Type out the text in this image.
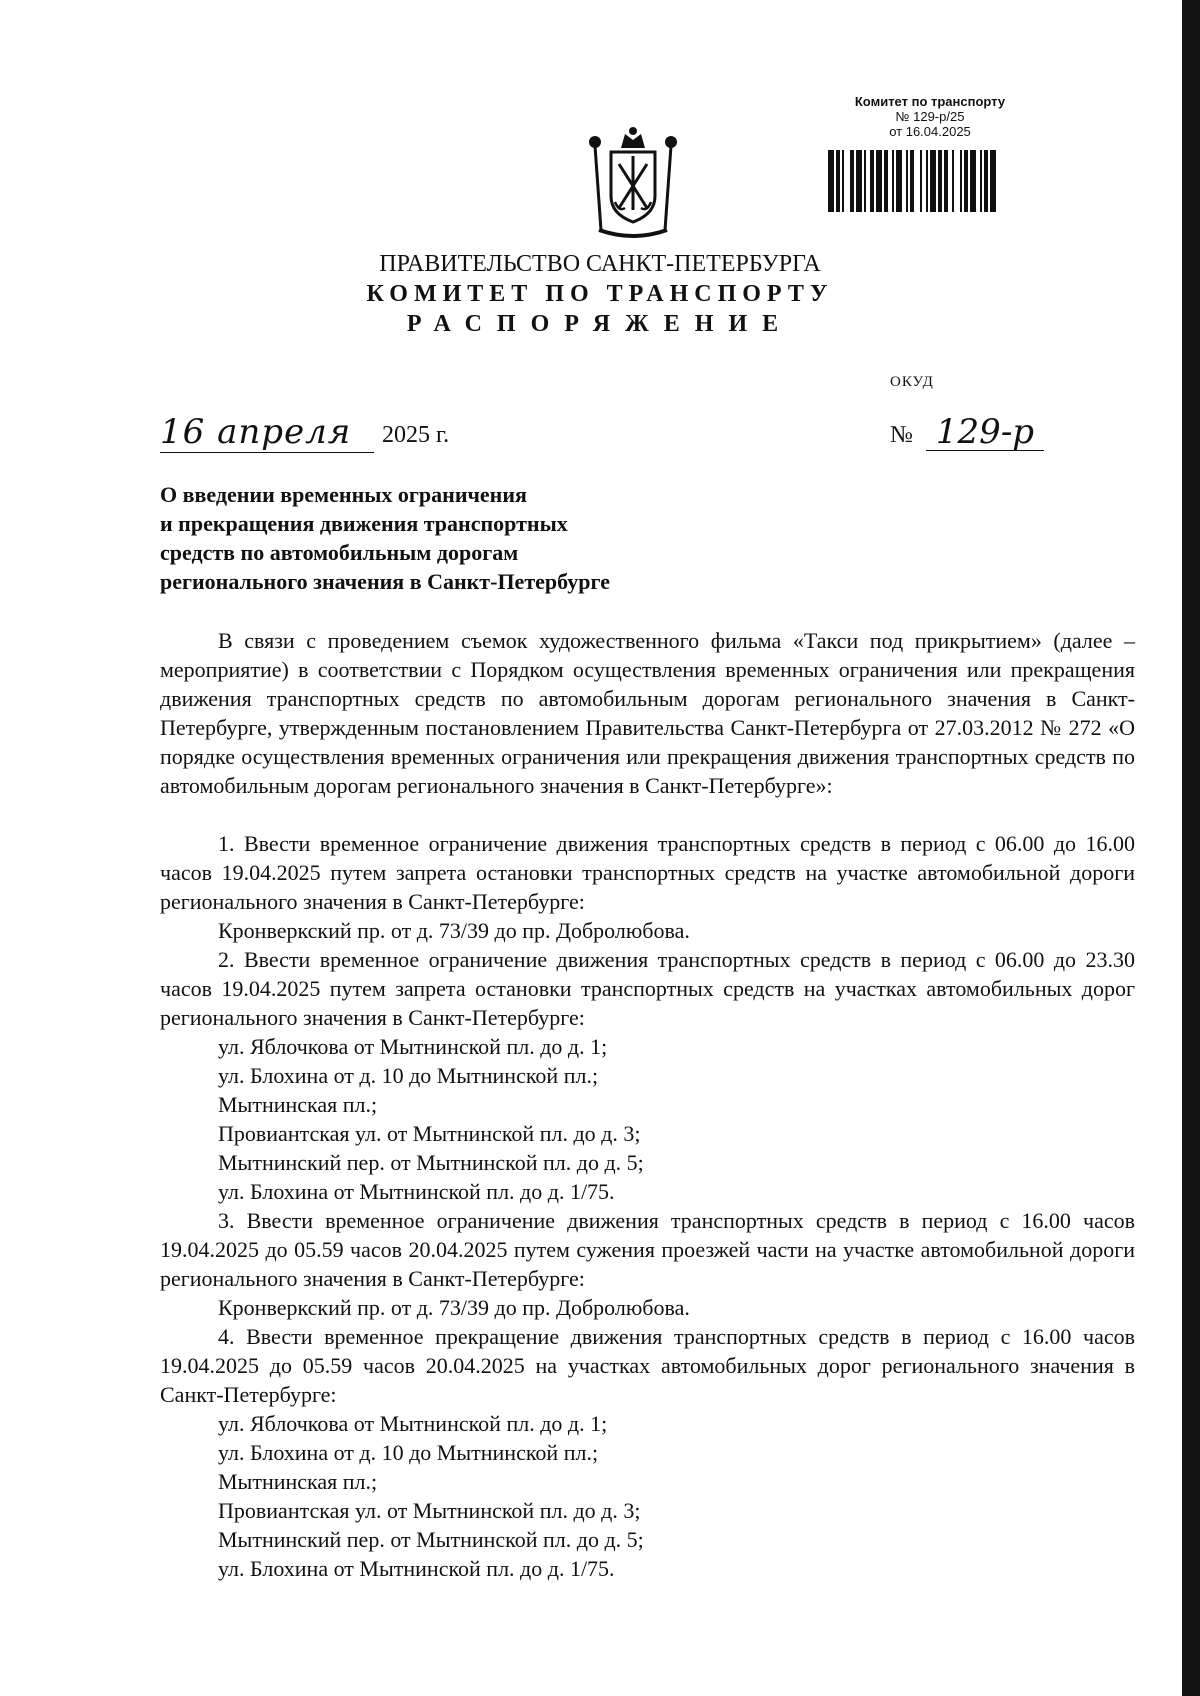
Комитет по транспорту
№ 129-р/25
от 16.04.2025
ПРАВИТЕЛЬСТВО САНКТ-ПЕТЕРБУРГА
КОМИТЕТ ПО ТРАНСПОРТУ
РАСПОРЯЖЕНИЕ
ОКУД
16 апреля	2025 г.	№ 129-р
О введении временных ограничения
и прекращения движения транспортных
средств по автомобильным дорогам
регионального значения в Санкт-Петербурге

В связи с проведением съемок художественного фильма «Такси под прикрытием» (далее – мероприятие) в соответствии с Порядком осуществления временных ограничения или прекращения движения транспортных средств по автомобильным дорогам регионального значения в Санкт-Петербурге, утвержденным постановлением Правительства Санкт-Петербурга от 27.03.2012 № 272 «О порядке осуществления временных ограничения или прекращения движения транспортных средств по автомобильным дорогам регионального значения в Санкт-Петербурге»:

1. Ввести временное ограничение движения транспортных средств в период с 06.00 до 16.00 часов 19.04.2025 путем запрета остановки транспортных средств на участке автомобильной дороги регионального значения в Санкт-Петербурге:

Кронверкский пр. от д. 73/39 до пр. Добролюбова.

2. Ввести временное ограничение движения транспортных средств в период с 06.00 до 23.30 часов 19.04.2025 путем запрета остановки транспортных средств на участках автомобильных дорог регионального значения в Санкт-Петербурге:

ул. Яблочкова от Мытнинской пл. до д. 1;

ул. Блохина от д. 10 до Мытнинской пл.;

Мытнинская пл.;

Провиантская ул. от Мытнинской пл. до д. 3;

Мытнинский пер. от Мытнинской пл. до д. 5;

ул. Блохина от Мытнинской пл. до д. 1/75.

3. Ввести временное ограничение движения транспортных средств в период с 16.00 часов 19.04.2025 до 05.59 часов 20.04.2025 путем сужения проезжей части на участке автомобильной дороги регионального значения в Санкт-Петербурге:

Кронверкский пр. от д. 73/39 до пр. Добролюбова.

4. Ввести временное прекращение движения транспортных средств в период с 16.00 часов 19.04.2025 до 05.59 часов 20.04.2025 на участках автомобильных дорог регионального значения в Санкт-Петербурге:

ул. Яблочкова от Мытнинской пл. до д. 1;

ул. Блохина от д. 10 до Мытнинской пл.;

Мытнинская пл.;

Провиантская ул. от Мытнинской пл. до д. 3;

Мытнинский пер. от Мытнинской пл. до д. 5;

ул. Блохина от Мытнинской пл. до д. 1/75.
